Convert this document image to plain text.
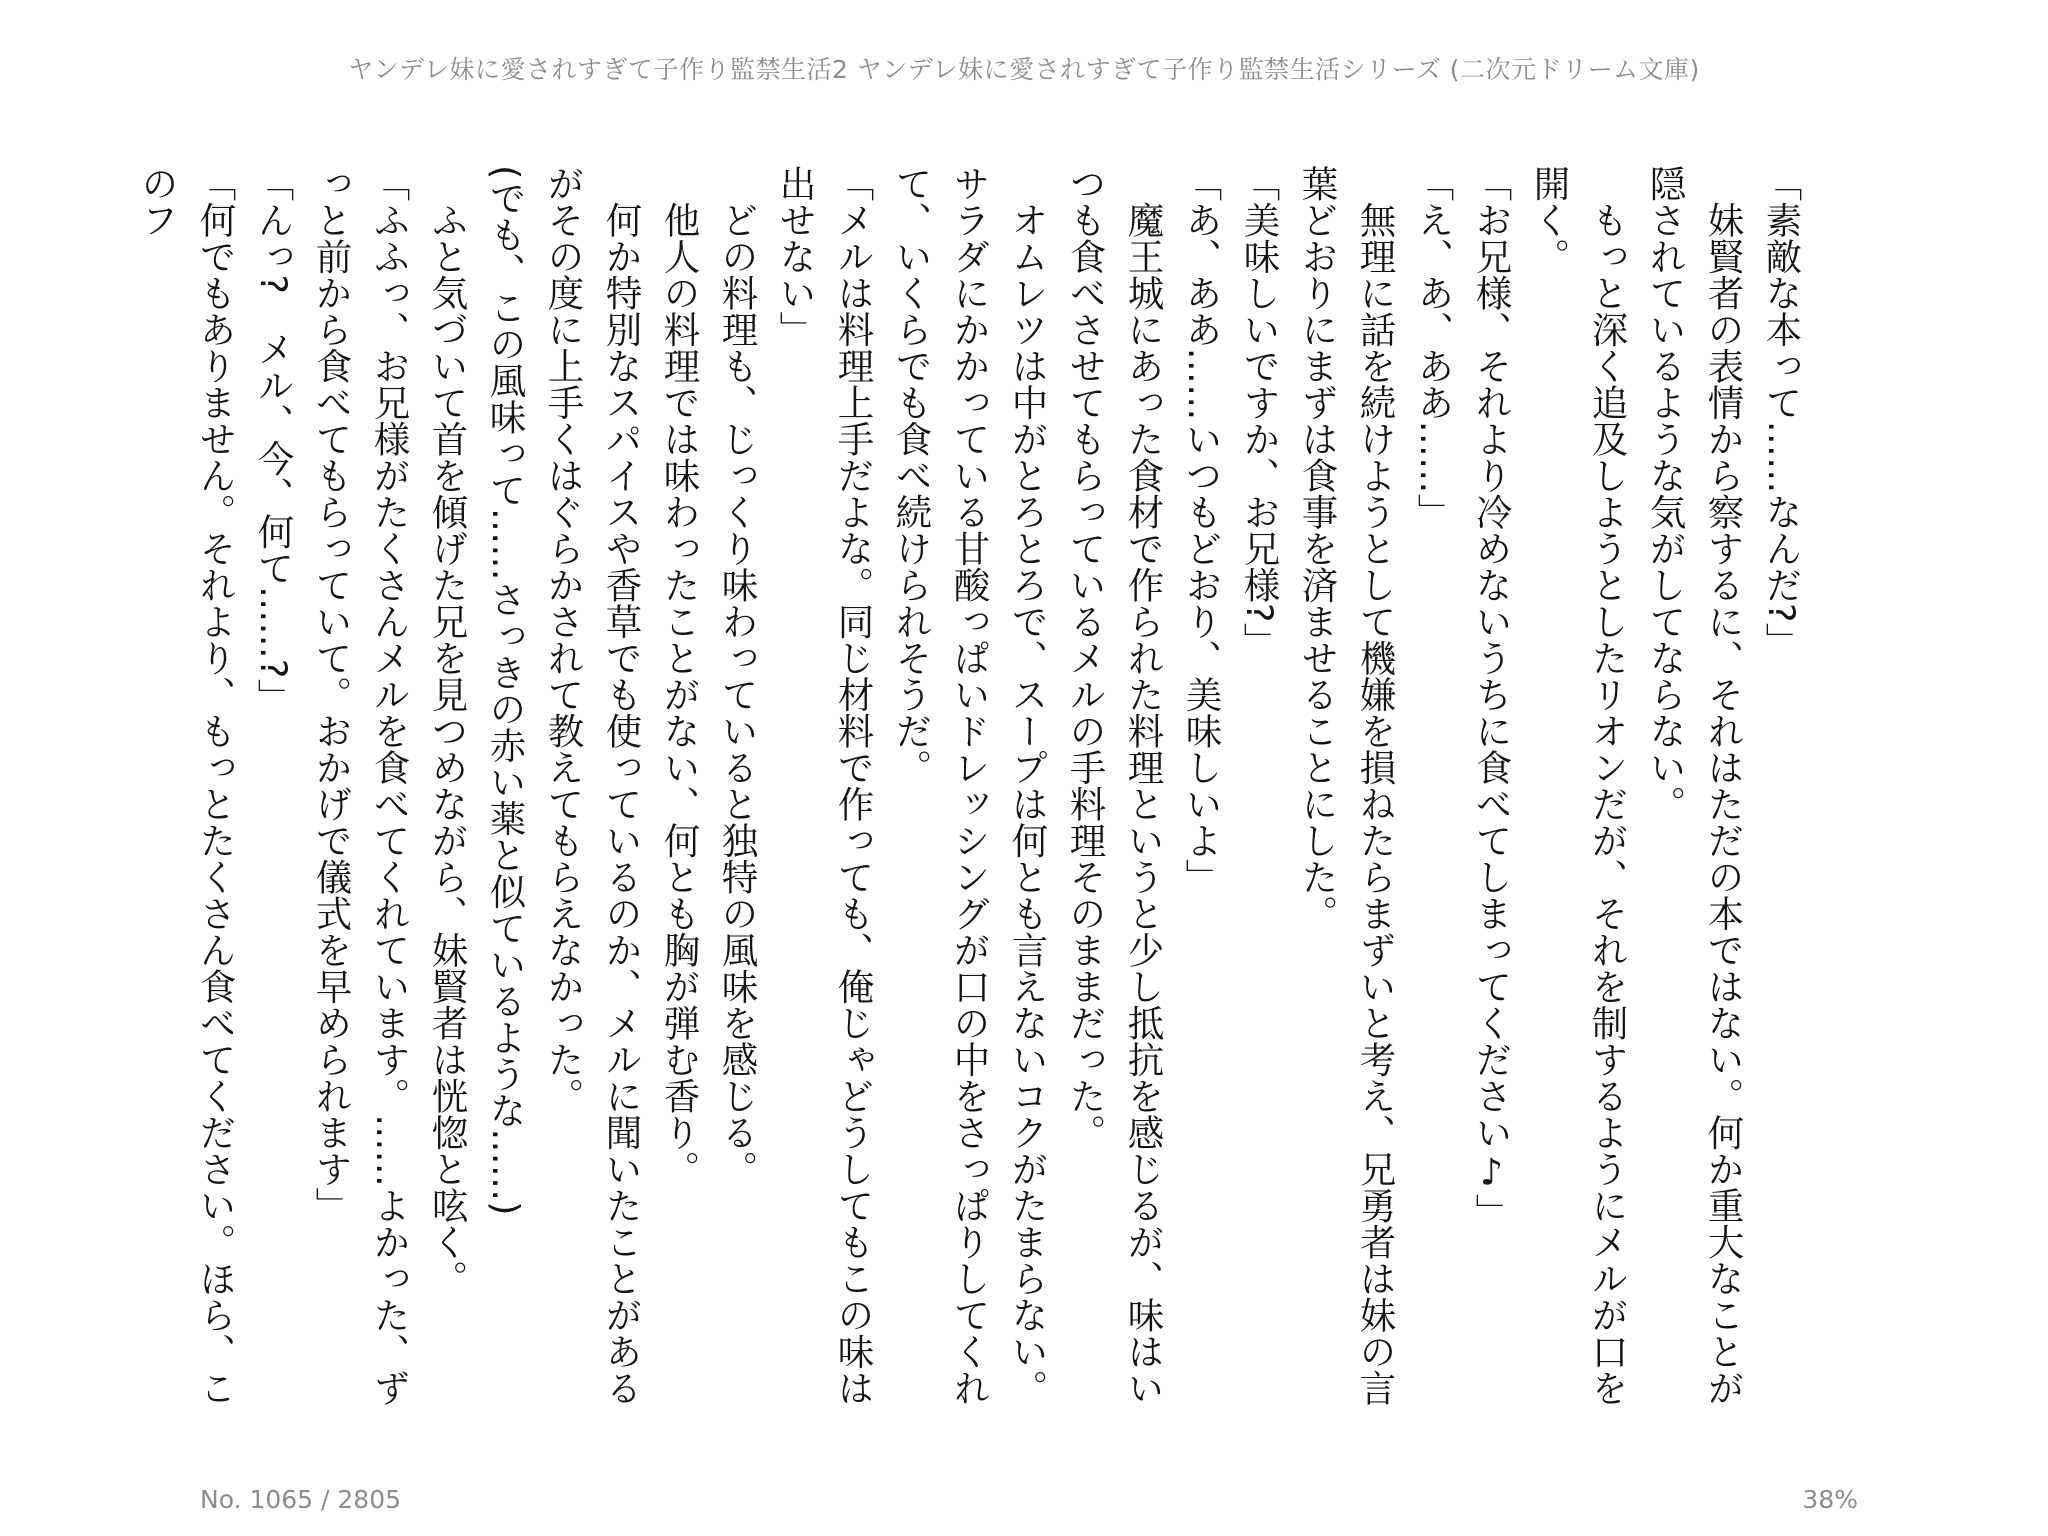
ヤンデレ妹に愛されすぎて子作り監禁生活2 ヤンデレ妹に愛されすぎて子作り監禁生活シリーズ (二次元ドリーム文庫)

「素敵な本って……なんだ?」

　妹賢者の表情から察するに、それはただの本ではない。何か重大なことが隠されているような気がしてならない。

　もっと深く追及しようとしたリオンだが、それを制するようにメルが口を開く。

「お兄様、それより冷めないうちに食べてしまってください♪」

「え、あ、ああ……」

　無理に話を続けようとして機嫌を損ねたらまずいと考え、兄勇者は妹の言葉どおりにまずは食事を済ませることにした。

「美味しいですか、お兄様?」

「あ、ああ……いつもどおり、美味しいよ」

　魔王城にあった食材で作られた料理というと少し抵抗を感じるが、味はいつも食べさせてもらっているメルの手料理そのままだった。

　オムレツは中がとろとろで、スープは何とも言えないコクがたまらない。サラダにかかっている甘酸っぱいドレッシングが口の中をさっぱりしてくれて、いくらでも食べ続けられそうだ。

「メルは料理上手だよな。同じ材料で作っても、俺じゃどうしてもこの味は出せない」

　どの料理も、じっくり味わっていると独特の風味を感じる。

　他人の料理では味わったことがない、何とも胸が弾む香り。

　何か特別なスパイスや香草でも使っているのか、メルに聞いたことがあるがその度に上手くはぐらかされて教えてもらえなかった。

(でも、この風味って……さっきの赤い薬と似ているような……)

　ふと気づいて首を傾げた兄を見つめながら、妹賢者は恍惚と呟く。

「ふふっ、お兄様がたくさんメルを食べてくれています。……よかった、ずっと前から食べてもらっていて。おかげで儀式を早められます」

「んっ?　メル、今、何て……?」

「何でもありません。それより、もっとたくさん食べてください。ほら、このフ

No. 1065 / 2805	38%
